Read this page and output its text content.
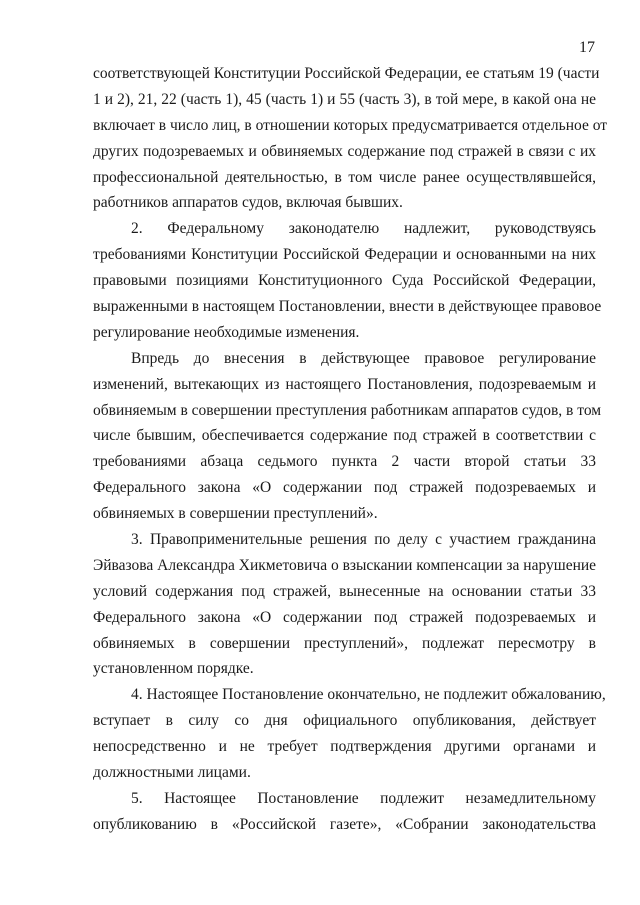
17
соответствующей Конституции Российской Федерации, ее статьям 19 (части
1 и 2), 21, 22 (часть 1), 45 (часть 1) и 55 (часть 3), в той мере, в какой она не
включает в число лиц, в отношении которых предусматривается отдельное от
других подозреваемых и обвиняемых содержание под стражей в связи с их
профессиональной деятельностью, в том числе ранее осуществлявшейся,
работников аппаратов судов, включая бывших.
2. Федеральному законодателю надлежит, руководствуясь
требованиями Конституции Российской Федерации и основанными на них
правовыми позициями Конституционного Суда Российской Федерации,
выраженными в настоящем Постановлении, внести в действующее правовое
регулирование необходимые изменения.
Впредь до внесения в действующее правовое регулирование
изменений, вытекающих из настоящего Постановления, подозреваемым и
обвиняемым в совершении преступления работникам аппаратов судов, в том
числе бывшим, обеспечивается содержание под стражей в соответствии с
требованиями абзаца седьмого пункта 2 части второй статьи 33
Федерального закона «О содержании под стражей подозреваемых и
обвиняемых в совершении преступлений».
3. Правоприменительные решения по делу с участием гражданина
Эйвазова Александра Хикметовича о взыскании компенсации за нарушение
условий содержания под стражей, вынесенные на основании статьи 33
Федерального закона «О содержании под стражей подозреваемых и
обвиняемых в совершении преступлений», подлежат пересмотру в
установленном порядке.
4. Настоящее Постановление окончательно, не подлежит обжалованию,
вступает в силу со дня официального опубликования, действует
непосредственно и не требует подтверждения другими органами и
должностными лицами.
5. Настоящее Постановление подлежит незамедлительному
опубликованию в «Российской газете», «Собрании законодательства
